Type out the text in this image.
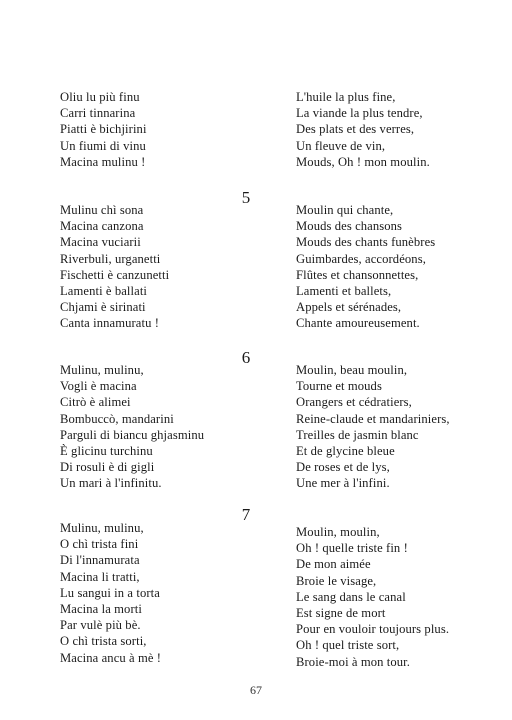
Oliu lu più finu
Carri tinnarina
Piatti è bichjirini
Un fiumi di vinu
Macina mulinu !
L'huile la plus fine,
La viande la plus tendre,
Des plats et des verres,
Un fleuve de vin,
Mouds, Oh ! mon moulin.
5
Mulinu chì sona
Macina canzona
Macina vuciarii
Riverbuli, urganetti
Fischetti è canzunetti
Lamenti è ballati
Chjami è sirinati
Canta innamuratu !
Moulin qui chante,
Mouds des chansons
Mouds des chants funèbres
Guimbardes, accordéons,
Flûtes et chansonnettes,
Lamenti et ballets,
Appels et sérénades,
Chante amoureusement.
6
Mulinu, mulinu,
Vogli è macina
Citrò è alimei
Bombuccò, mandarini
Parguli di biancu ghjasminu
È glicinu turchinu
Di rosuli è di gigli
Un mari à l'infinitu.
Moulin, beau moulin,
Tourne et mouds
Orangers et cédratiers,
Reine-claude et mandariniers,
Treilles de jasmin blanc
Et de glycine bleue
De roses et de lys,
Une mer à l'infini.
7
Mulinu, mulinu,
O chì trista fini
Di l'innamurata
Macina li tratti,
Lu sangui in a torta
Macina la morti
Par vulè più bè.
O chì trista sorti,
Macina ancu à mè !
Moulin, moulin,
Oh ! quelle triste fin !
De mon aimée
Broie le visage,
Le sang dans le canal
Est signe de mort
Pour en vouloir toujours plus.
Oh ! quel triste sort,
Broie-moi à mon tour.
67
